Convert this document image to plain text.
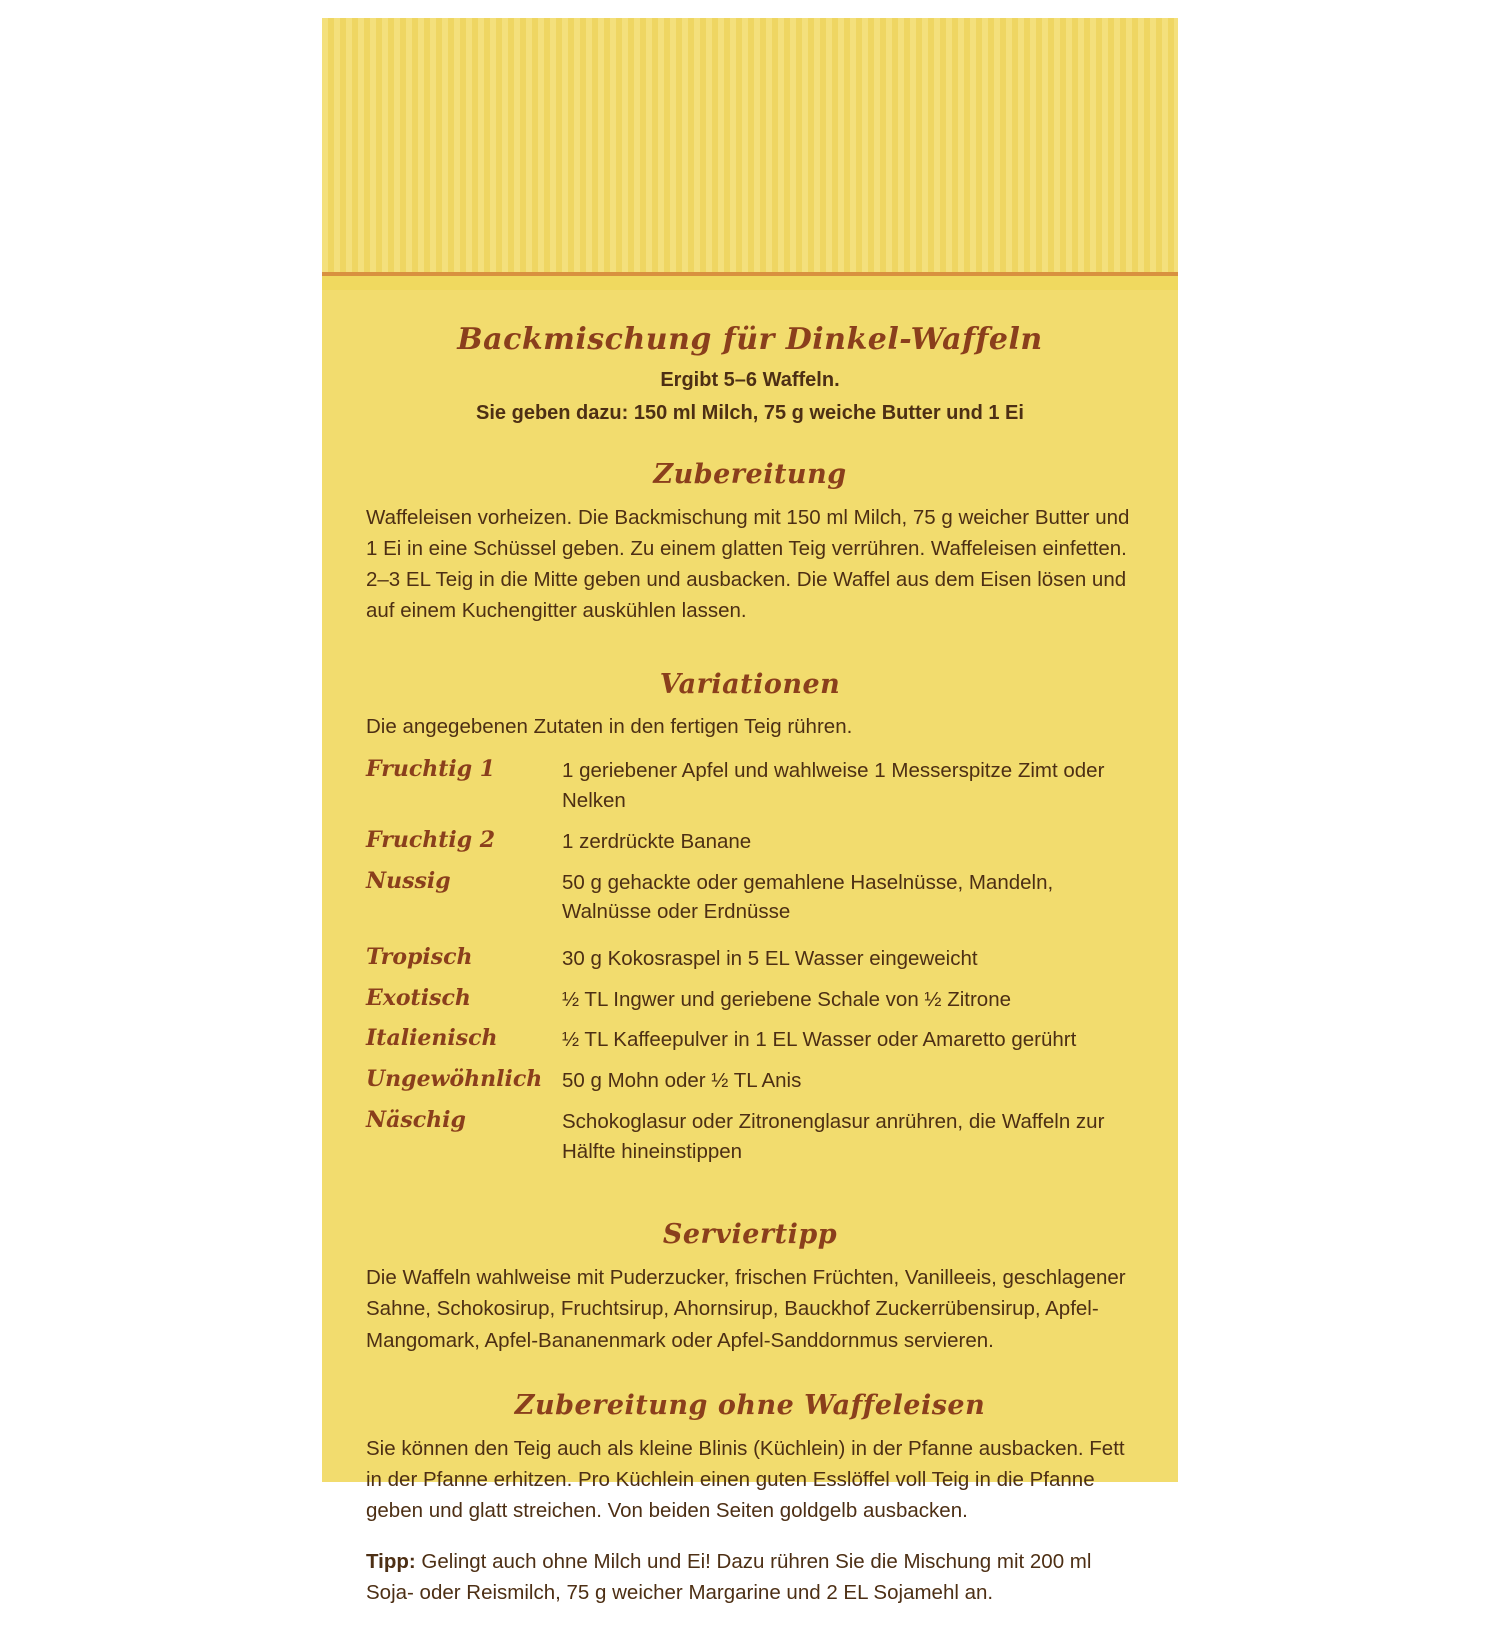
Backmischung für Dinkel-Waffeln
Ergibt 5–6 Waffeln.
Sie geben dazu: 150 ml Milch, 75 g weiche Butter und 1 Ei
Zubereitung

Waffeleisen vorheizen. Die Backmischung mit 150 ml Milch, 75 g weicher Butter und 1 Ei in eine Schüssel geben. Zu einem glatten Teig verrühren. Waffeleisen einfetten. 2–3 EL Teig in die Mitte geben und ausbacken. Die Waffel aus dem Eisen lösen und auf einem Kuchengitter auskühlen lassen.

Variationen

Die angegebenen Zutaten in den fertigen Teig rühren.

Fruchtig 1	1 geriebener Apfel und wahlweise 1 Messerspitze Zimt oder Nelken
Fruchtig 2	1 zerdrückte Banane
Nussig	50 g gehackte oder gemahlene Haselnüsse, Mandeln, Walnüsse oder Erdnüsse
Tropisch	30 g Kokosraspel in 5 EL Wasser eingeweicht
Exotisch	½ TL Ingwer und geriebene Schale von ½ Zitrone
Italienisch	½ TL Kaffeepulver in 1 EL Wasser oder Amaretto gerührt
Ungewöhnlich	50 g Mohn oder ½ TL Anis
Näschig	Schokoglasur oder Zitronenglasur anrühren, die Waffeln zur Hälfte hineinstippen
Serviertipp

Die Waffeln wahlweise mit Puderzucker, frischen Früchten, Vanilleeis, geschlagener Sahne, Schokosirup, Fruchtsirup, Ahornsirup, Bauckhof Zuckerrübensirup, Apfel-Mangomark, Apfel-Bananenmark oder Apfel-Sanddornmus servieren.

Zubereitung ohne Waffeleisen

Sie können den Teig auch als kleine Blinis (Küchlein) in der Pfanne ausbacken. Fett in der Pfanne erhitzen. Pro Küchlein einen guten Esslöffel voll Teig in die Pfanne geben und glatt streichen. Von beiden Seiten goldgelb ausbacken.

Tipp: Gelingt auch ohne Milch und Ei! Dazu rühren Sie die Mischung mit 200 ml Soja- oder Reismilch, 75 g weicher Margarine und 2 EL Sojamehl an.
